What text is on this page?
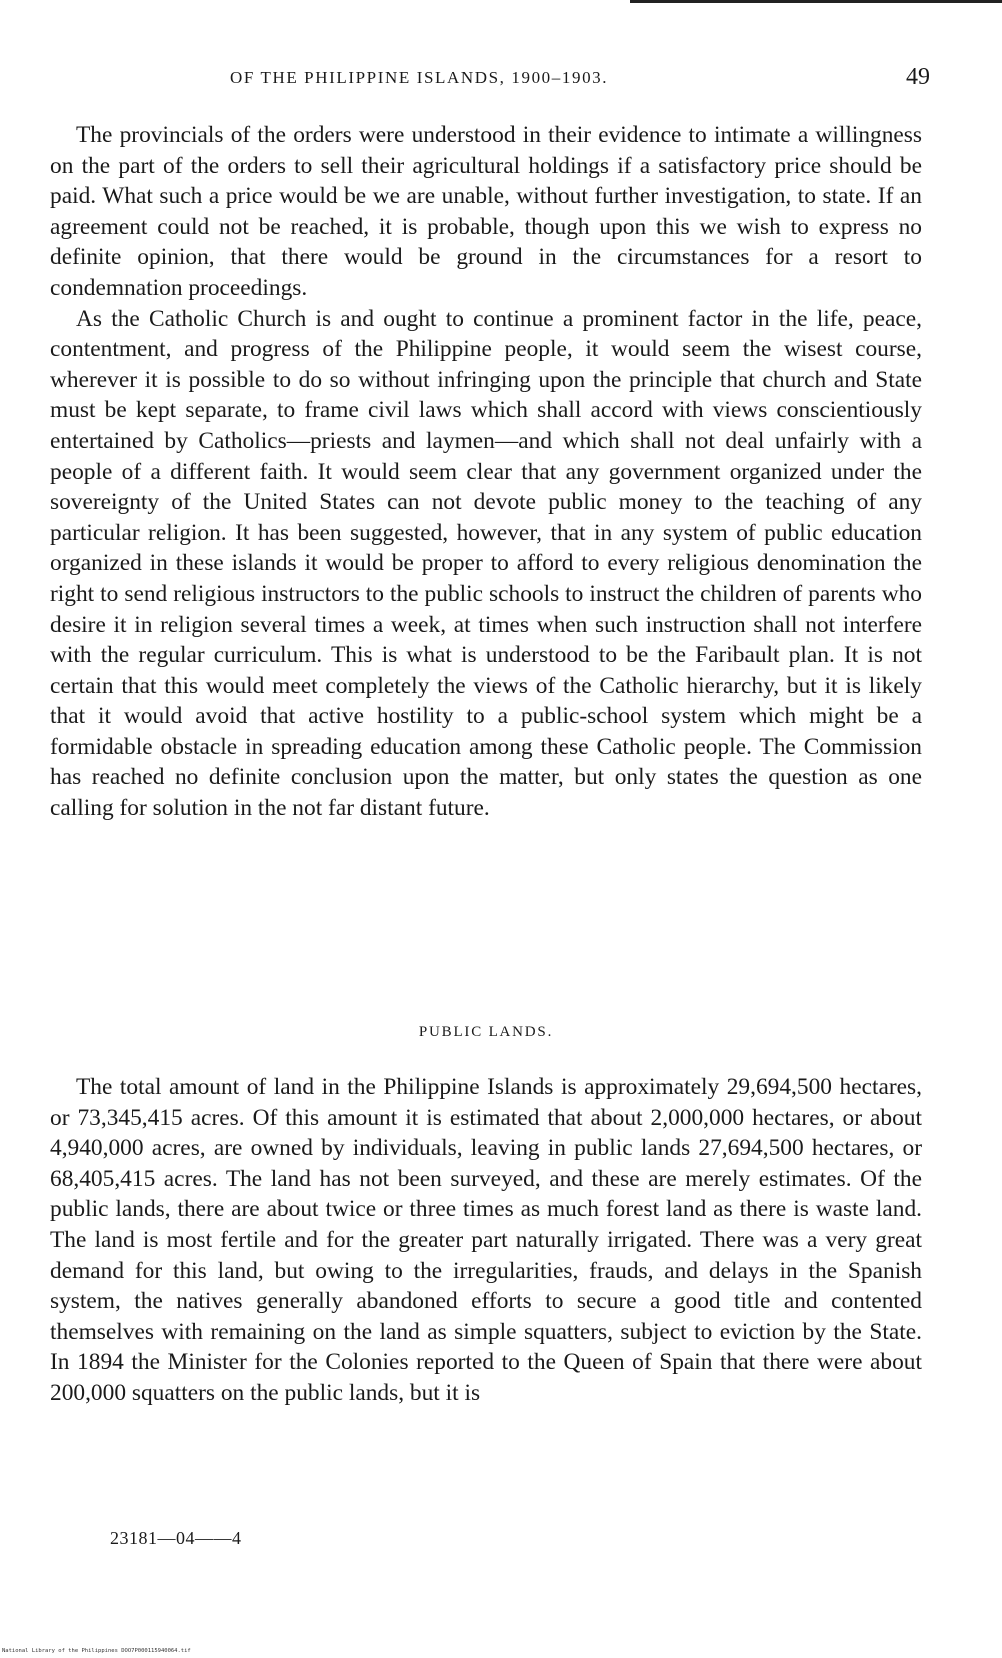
OF THE PHILIPPINE ISLANDS, 1900–1903.	49

The provincials of the orders were understood in their evidence to intimate a willingness on the part of the orders to sell their agricultural holdings if a satisfactory price should be paid. What such a price would be we are unable, without further investigation, to state. If an agreement could not be reached, it is probable, though upon this we wish to express no definite opinion, that there would be ground in the circumstances for a resort to condemnation proceedings.

As the Catholic Church is and ought to continue a prominent factor in the life, peace, contentment, and progress of the Philippine people, it would seem the wisest course, wherever it is possible to do so without infringing upon the principle that church and State must be kept separate, to frame civil laws which shall accord with views conscientiously entertained by Catholics—priests and laymen—and which shall not deal unfairly with a people of a different faith. It would seem clear that any government organized under the sovereignty of the United States can not devote public money to the teaching of any particular religion. It has been suggested, however, that in any system of public education organized in these islands it would be proper to afford to every religious denomination the right to send religious instructors to the public schools to instruct the children of parents who desire it in religion several times a week, at times when such instruction shall not interfere with the regular curriculum. This is what is understood to be the Faribault plan. It is not certain that this would meet completely the views of the Catholic hierarchy, but it is likely that it would avoid that active hostility to a public-school system which might be a formidable obstacle in spreading education among these Catholic people. The Commission has reached no definite conclusion upon the matter, but only states the question as one calling for solution in the not far distant future.

PUBLIC LANDS.

The total amount of land in the Philippine Islands is approximately 29,694,500 hectares, or 73,345,415 acres. Of this amount it is estimated that about 2,000,000 hectares, or about 4,940,000 acres, are owned by individuals, leaving in public lands 27,694,500 hectares, or 68,405,415 acres. The land has not been surveyed, and these are merely estimates. Of the public lands, there are about twice or three times as much forest land as there is waste land. The land is most fertile and for the greater part naturally irrigated. There was a very great demand for this land, but owing to the irregularities, frauds, and delays in the Spanish system, the natives generally abandoned efforts to secure a good title and contented themselves with remaining on the land as simple squatters, subject to eviction by the State. In 1894 the Minister for the Colonies reported to the Queen of Spain that there were about 200,000 squatters on the public lands, but it is

23181—04——4
National Library of the Philippines DOO7P000115940064.tif
